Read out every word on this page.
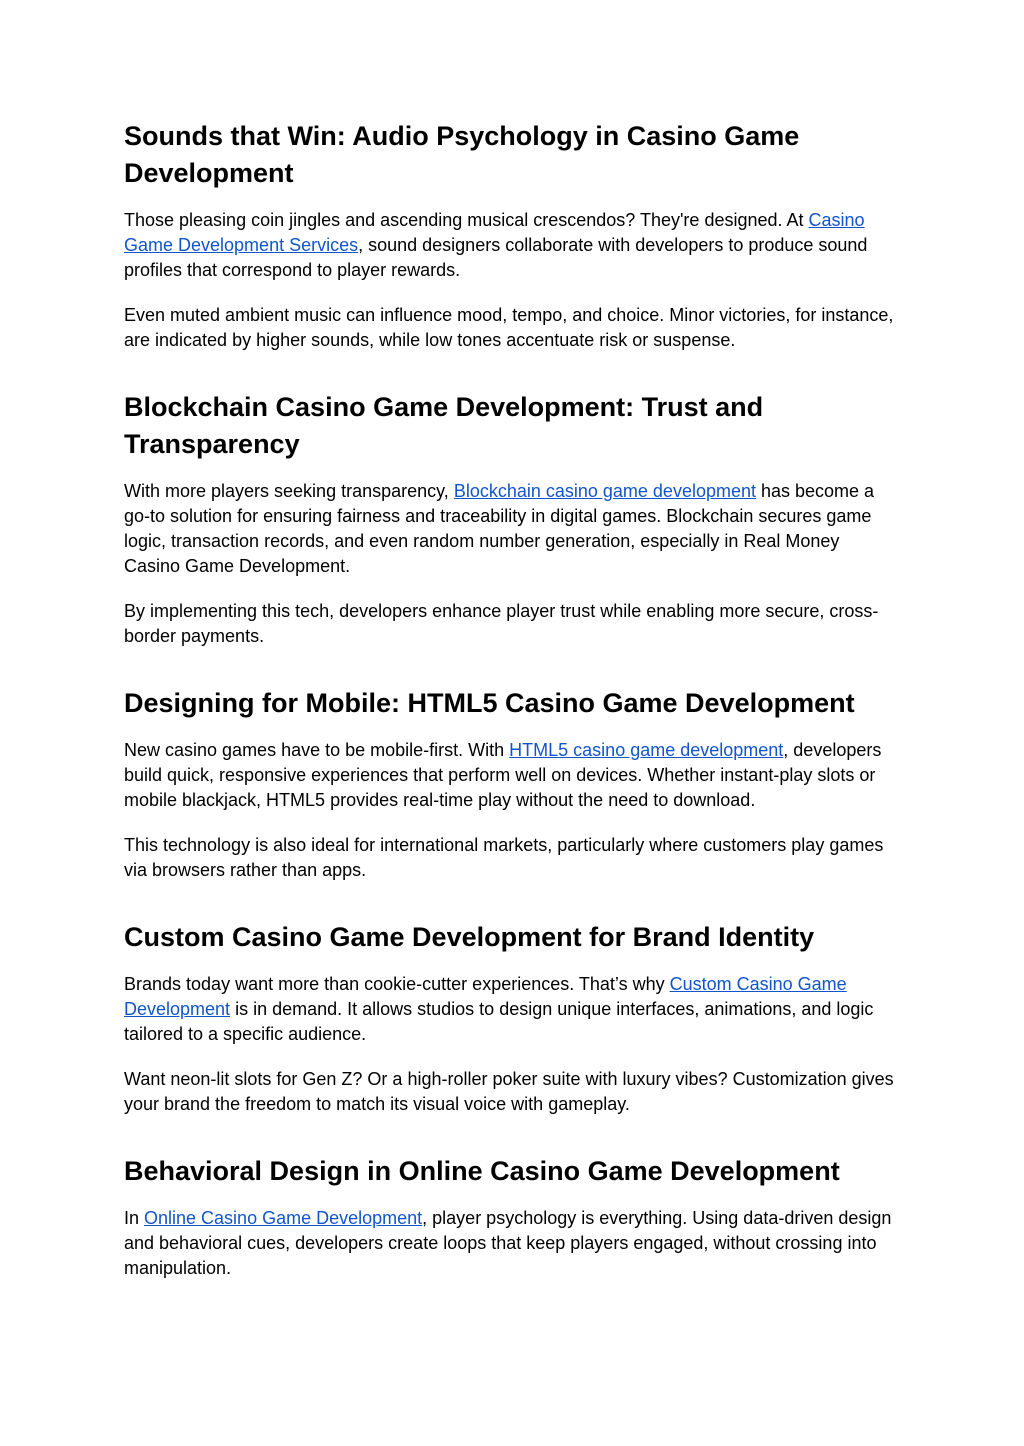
Sounds that Win: Audio Psychology in Casino Game Development

Those pleasing coin jingles and ascending musical crescendos? They're designed. At Casino Game Development Services, sound designers collaborate with developers to produce sound profiles that correspond to player rewards.

Even muted ambient music can influence mood, tempo, and choice. Minor victories, for instance, are indicated by higher sounds, while low tones accentuate risk or suspense.

Blockchain Casino Game Development: Trust and Transparency

With more players seeking transparency, Blockchain casino game development has become a go-to solution for ensuring fairness and traceability in digital games. Blockchain secures game logic, transaction records, and even random number generation, especially in Real Money Casino Game Development.

By implementing this tech, developers enhance player trust while enabling more secure, cross-border payments.

Designing for Mobile: HTML5 Casino Game Development

New casino games have to be mobile-first. With HTML5 casino game development, developers build quick, responsive experiences that perform well on devices. Whether instant-play slots or mobile blackjack, HTML5 provides real-time play without the need to download.

This technology is also ideal for international markets, particularly where customers play games via browsers rather than apps.

Custom Casino Game Development for Brand Identity

Brands today want more than cookie-cutter experiences. That’s why Custom Casino Game Development is in demand. It allows studios to design unique interfaces, animations, and logic tailored to a specific audience.

Want neon-lit slots for Gen Z? Or a high-roller poker suite with luxury vibes? Customization gives your brand the freedom to match its visual voice with gameplay.

Behavioral Design in Online Casino Game Development

In Online Casino Game Development, player psychology is everything. Using data-driven design and behavioral cues, developers create loops that keep players engaged, without crossing into manipulation.
